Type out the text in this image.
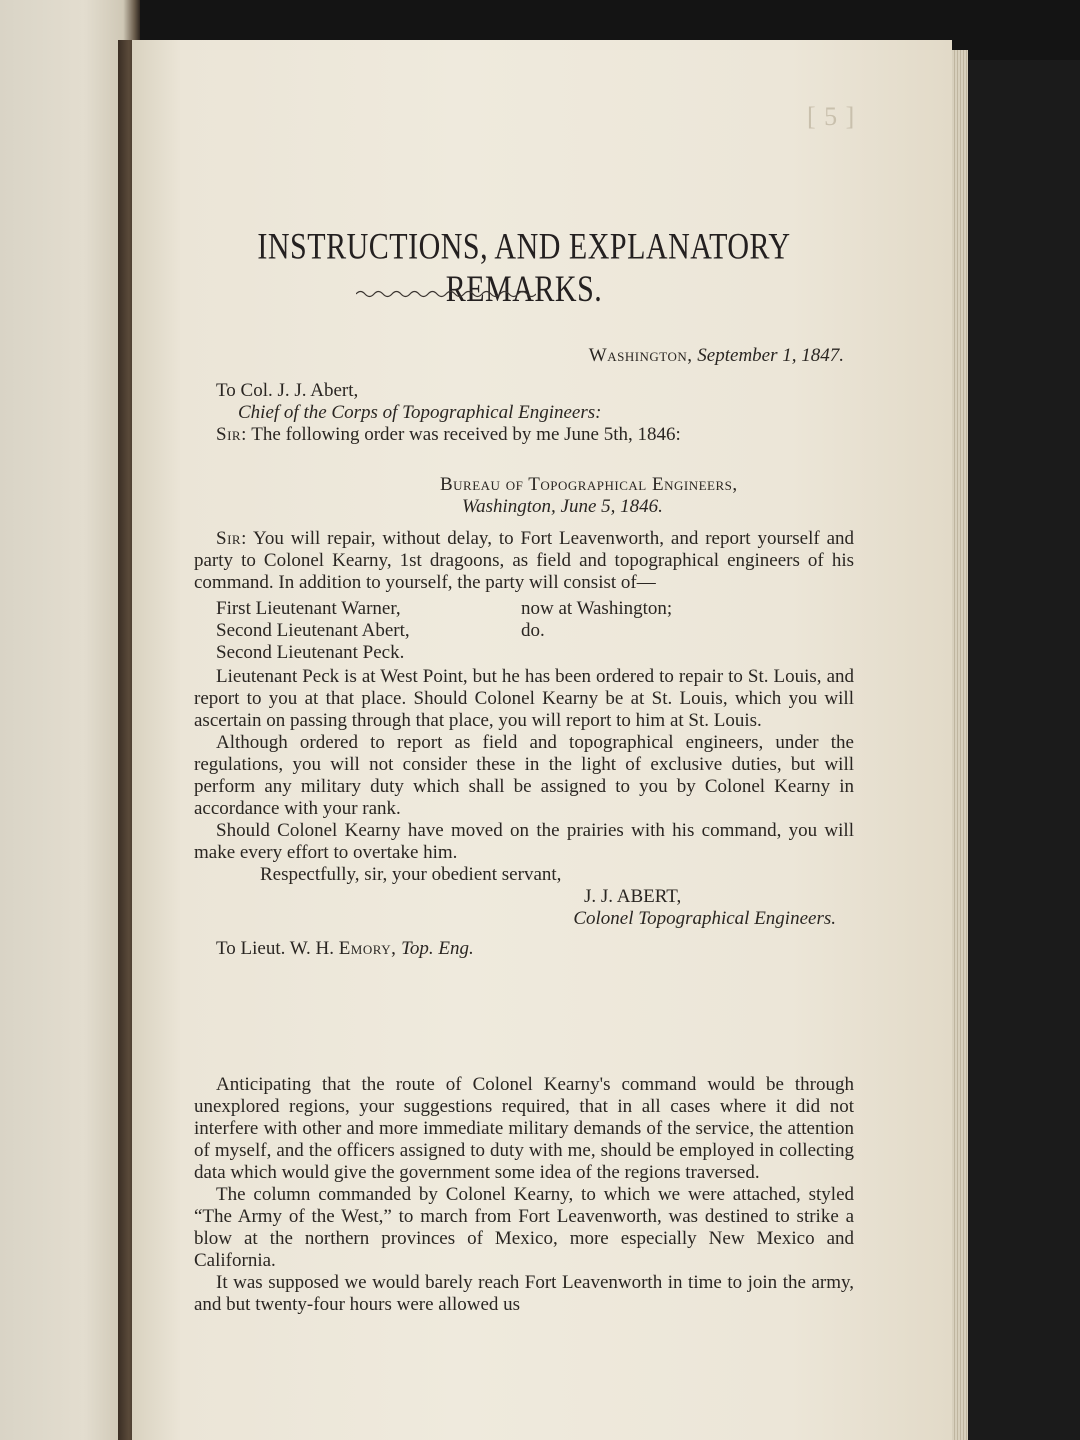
[ 5 ]
INSTRUCTIONS, AND EXPLANATORY REMARKS.
Washington, September 1, 1847.
To Col. J. J. Abert,
Chief of the Corps of Topographical Engineers:
Sir: The following order was received by me June 5th, 1846:
Bureau of Topographical Engineers,
Washington, June 5, 1846.

Sir: You will repair, without delay, to Fort Leavenworth, and report yourself and party to Colonel Kearny, 1st dragoons, as field and topographical engineers of his command. In addition to yourself, the party will consist of—

First Lieutenant Warner,	now at Washington;
Second Lieutenant Abert,	do.
Second Lieutenant Peck.

Lieutenant Peck is at West Point, but he has been ordered to repair to St. Louis, and report to you at that place. Should Colonel Kearny be at St. Louis, which you will ascertain on passing through that place, you will report to him at St. Louis.

Although ordered to report as field and topographical engineers, under the regulations, you will not consider these in the light of exclusive duties, but will perform any military duty which shall be assigned to you by Colonel Kearny in accordance with your rank.

Should Colonel Kearny have moved on the prairies with his command, you will make every effort to overtake him.

Respectfully, sir, your obedient servant,
J. J. ABERT,
Colonel Topographical Engineers.
To Lieut. W. H. Emory, Top. Eng.

Anticipating that the route of Colonel Kearny's command would be through unexplored regions, your suggestions required, that in all cases where it did not interfere with other and more immediate military demands of the service, the attention of myself, and the officers assigned to duty with me, should be employed in collecting data which would give the government some idea of the regions traversed.

The column commanded by Colonel Kearny, to which we were attached, styled “The Army of the West,” to march from Fort Leavenworth, was destined to strike a blow at the northern provinces of Mexico, more especially New Mexico and California.

It was supposed we would barely reach Fort Leavenworth in time to join the army, and but twenty-four hours were allowed us
